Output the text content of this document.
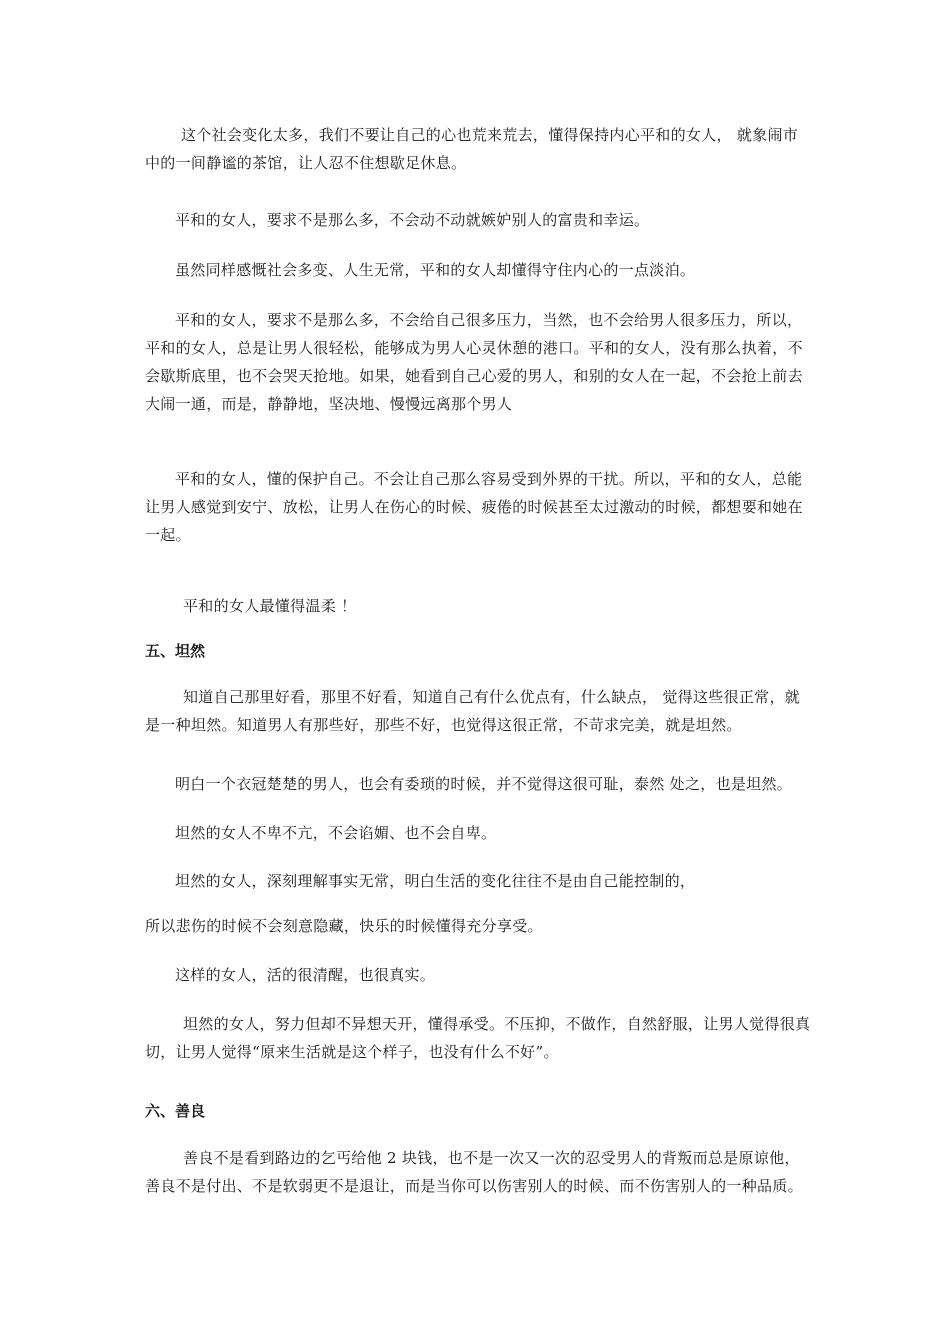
这个社会变化太多，我们不要让自己的心也荒来荒去，懂得保持内心平和的女人， 就象闹市中的一间静谧的茶馆，让人忍不住想歇足休息。

平和的女人，要求不是那么多，不会动不动就嫉妒别人的富贵和幸运。

虽然同样感慨社会多变、人生无常，平和的女人却懂得守住内心的一点淡泊。

平和的女人，要求不是那么多，不会给自己很多压力，当然，也不会给男人很多压力，所以，平和的女人，总是让男人很轻松，能够成为男人心灵休憩的港口。平和的女人，没有那么执着，不会歇斯底里，也不会哭天抢地。如果，她看到自己心爱的男人，和别的女人在一起，不会抢上前去大闹一通，而是，静静地，坚决地、慢慢远离那个男人

平和的女人，懂的保护自己。不会让自己那么容易受到外界的干扰。所以，平和的女人，总能让男人感觉到安宁、放松，让男人在伤心的时候、疲倦的时候甚至太过激动的时候，都想要和她在一起。

平和的女人最懂得温柔 ！

五、坦然

知道自己那里好看，那里不好看，知道自己有什么优点有，什么缺点， 觉得这些很正常，就是一种坦然。知道男人有那些好，那些不好，也觉得这很正常，不苛求完美，就是坦然。

明白一个衣冠楚楚的男人，也会有委琐的时候，并不觉得这很可耻，泰然 处之，也是坦然。

坦然的女人不卑不亢，不会谄媚、也不会自卑。

坦然的女人，深刻理解事实无常，明白生活的变化往往不是由自己能控制的，

所以悲伤的时候不会刻意隐藏，快乐的时候懂得充分享受。

这样的女人，活的很清醒，也很真实。

坦然的女人，努力但却不异想天开，懂得承受。不压抑，不做作，自然舒服，让男人觉得很真切，让男人觉得“原来生活就是这个样子，也没有什么不好”。

六、善良

善良不是看到路边的乞丐给他 2 块钱，也不是一次又一次的忍受男人的背叛而总是原谅他，善良不是付出、不是软弱更不是退让，而是当你可以伤害别人的时候、而不伤害别人的一种品质。
